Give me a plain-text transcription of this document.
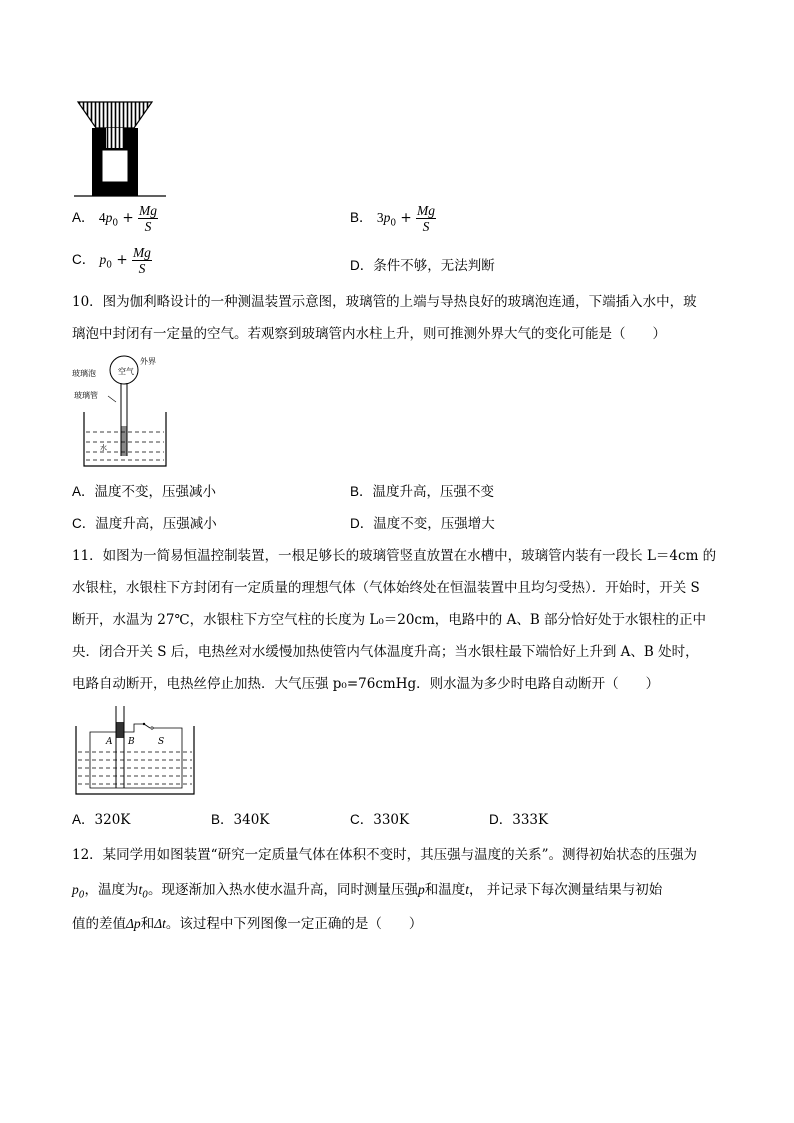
A． $4p_0 + \frac{Mg}{S}$	B． $3p_0 + \frac{Mg}{S}$
C． $p_0 + \frac{Mg}{S}$	D．条件不够，无法判断
10．图为伽利略设计的一种测温装置示意图，玻璃管的上端与导热良好的玻璃泡连通，下端插入水中，玻
璃泡中封闭有一定量的空气。若观察到玻璃管内水柱上升，则可推测外界大气的变化可能是（　　）
空气
外界
玻璃泡
玻璃管
水
A．温度不变，压强减小	B．温度升高，压强不变
C．温度升高，压强减小	D．温度不变，压强增大
11．如图为一简易恒温控制装置，一根足够长的玻璃管竖直放置在水槽中，玻璃管内装有一段长 L＝4cm 的
水银柱，水银柱下方封闭有一定质量的理想气体（气体始终处在恒温装置中且均匀受热）．开始时，开关 S
断开，水温为 27℃，水银柱下方空气柱的长度为 L₀＝20cm，电路中的 A、B 部分恰好处于水银柱的正中
央．闭合开关 S 后，电热丝对水缓慢加热使管内气体温度升高；当水银柱最下端恰好上升到 A、B 处时，
电路自动断开，电热丝停止加热．大气压强 p₀=76cmHg．则水温为多少时电路自动断开（　　）
A B	S
A．320K	B．340K	C．330K	D．333K
12．某同学用如图装置“研究一定质量气体在体积不变时，其压强与温度的关系”。测得初始状态的压强为
$p_0$，温度为$t_0$。现逐渐加入热水使水温升高，同时测量压强p和温度t， 并记录下每次测量结果与初始
值的差值Δp和Δt。该过程中下列图像一定正确的是（　　）
